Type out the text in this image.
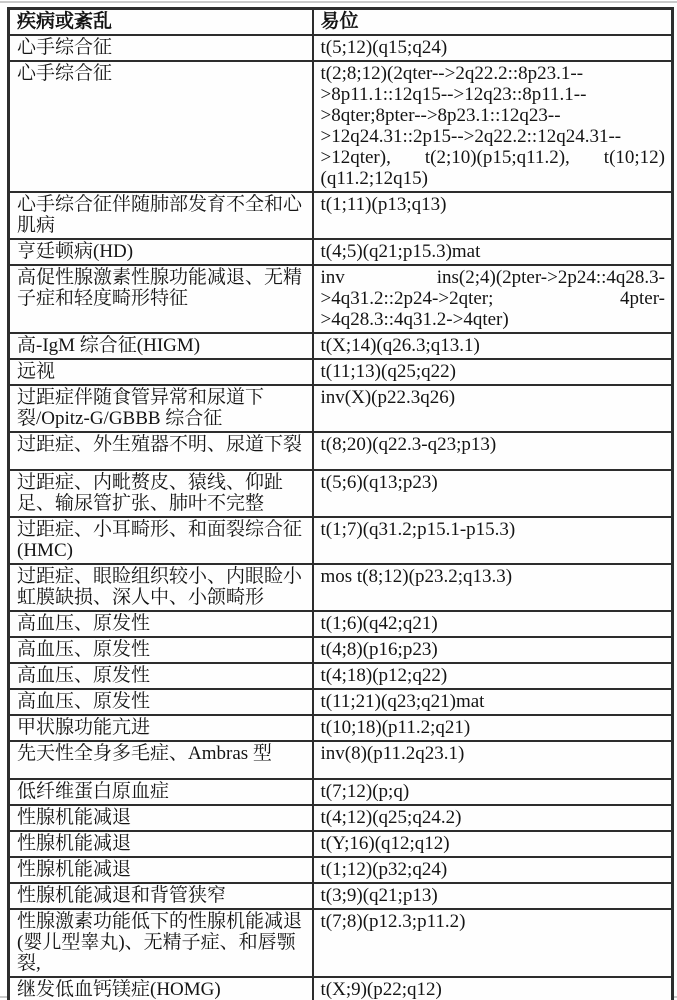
疾病或紊乱	易位
心手综合征	t(5;12)(q15;q24)
心手综合征	t(2;8;12)(2qter-->2q22.2::8p23.1-->8p11.1::12q15-->12q23::8p11.1-->8qter;8pter-->8p23.1::12q23-->12q24.31::2p15-->2q22.2::12q24.31-->12qter), t(2;10)(p15;q11.2), t(10;12)(q11.2;12q15)
心手综合征伴随肺部发育不全和心肌病	t(1;11)(p13;q13)
亨廷顿病(HD)	t(4;5)(q21;p15.3)mat
高促性腺激素性腺功能减退、无精子症和轻度畸形特征	inv ins(2;4)(2pter->2p24::4q28.3->4q31.2::2p24->2qter; 4pter->4q28.3::4q31.2->4qter)
高-IgM 综合征(HIGM)	t(X;14)(q26.3;q13.1)
远视	t(11;13)(q25;q22)
过距症伴随食管异常和尿道下裂/Opitz-G/GBBB 综合征	inv(X)(p22.3q26)
过距症、外生殖器不明、尿道下裂	t(8;20)(q22.3-q23;p13)
过距症、内毗赘皮、猿线、仰趾足、输尿管扩张、肺叶不完整	t(5;6)(q13;p23)
过距症、小耳畸形、和面裂综合征(HMC)	t(1;7)(q31.2;p15.1-p15.3)
过距症、眼睑组织较小、内眼睑小虹膜缺损、深人中、小颌畸形	mos t(8;12)(p23.2;q13.3)
高血压、原发性	t(1;6)(q42;q21)
高血压、原发性	t(4;8)(p16;p23)
高血压、原发性	t(4;18)(p12;q22)
高血压、原发性	t(11;21)(q23;q21)mat
甲状腺功能亢进	t(10;18)(p11.2;q21)
先天性全身多毛症、Ambras 型	inv(8)(p11.2q23.1)
低纤维蛋白原血症	t(7;12)(p;q)
性腺机能减退	t(4;12)(q25;q24.2)
性腺机能减退	t(Y;16)(q12;q12)
性腺机能减退	t(1;12)(p32;q24)
性腺机能减退和背管狭窄	t(3;9)(q21;p13)
性腺激素功能低下的性腺机能减退(婴儿型睾丸)、无精子症、和唇颚裂,	t(7;8)(p12.3;p11.2)
继发低血钙镁症(HOMG)	t(X;9)(p22;q12)
